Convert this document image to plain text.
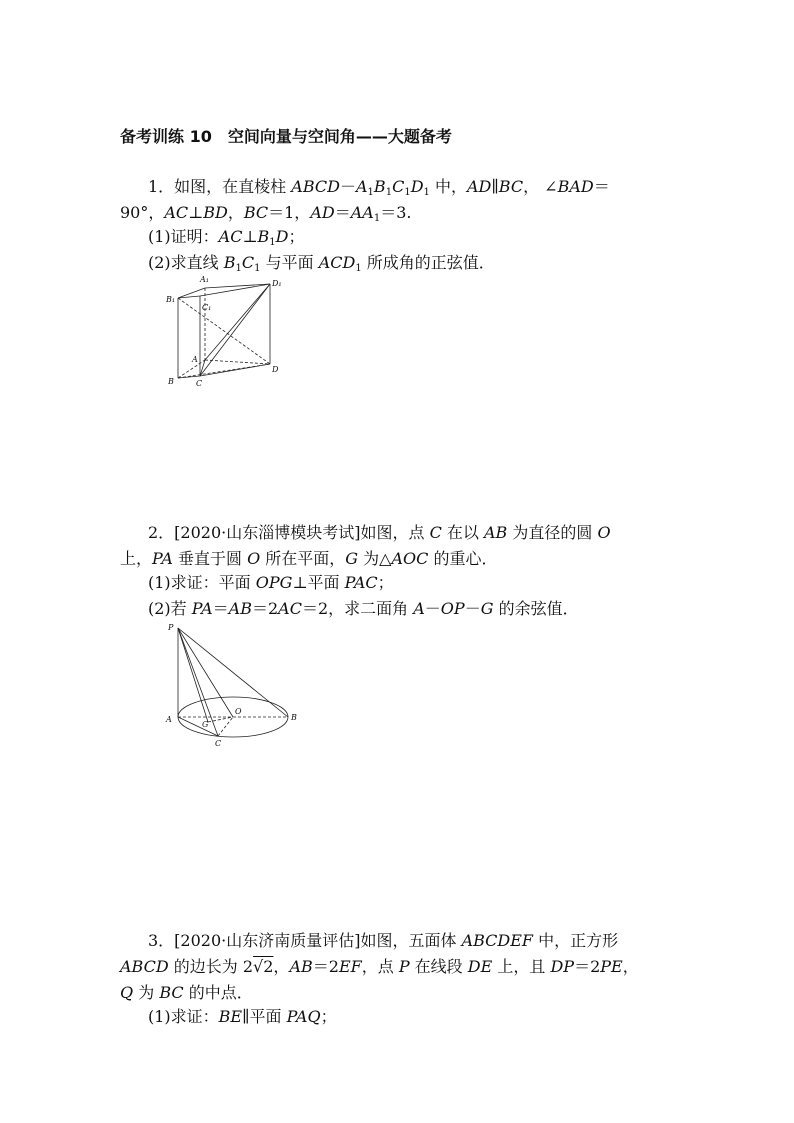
备考训练 10　空间向量与空间角——大题备考
1．如图，在直棱柱 $ABCD-A_1B_1C_1D_1$ 中，AD∥BC， ∠BAD＝
90°，AC⊥BD，BC＝1，$AD=AA_1=3$.
(1)证明：$AC\perp B_1D$；
(2)求直线 $B_1C_1$ 与平面 $ACD_1$ 所成角的正弦值．
A₁
B₁
C₁
D₁
A
B	C
D
2．[2020·山东淄博模块考试]如图，点 C 在以 AB 为直径的圆 O
上，PA 垂直于圆 O 所在平面，G 为△AOC 的重心．
(1)求证：平面 OPG⊥平面 PAC；
(2)若 PA＝AB＝2AC＝2，求二面角 A－OP－G 的余弦值．
P
A
G
O
B
C
3．[2020·山东济南质量评估]如图，五面体 ABCDEF 中，正方形
ABCD 的边长为 2√2，AB＝2EF，点 P 在线段 DE 上，且 DP＝2PE，
Q 为 BC 的中点．
(1)求证：BE∥平面 PAQ；
